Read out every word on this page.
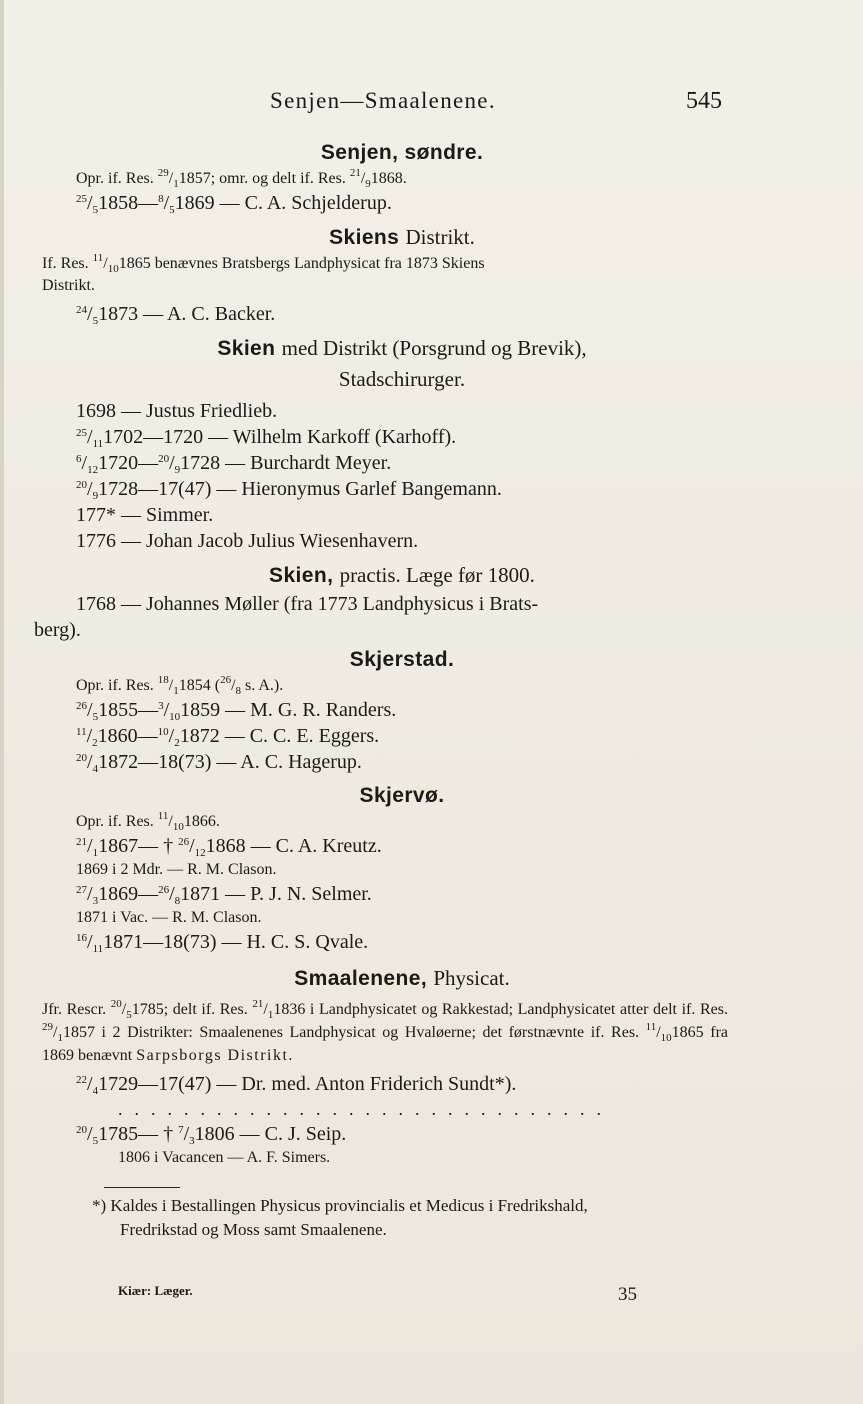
Senjen—Smaalenene.	545
Senjen, søndre.
Opr. if. Res. $^{29}/_11857$; omr. og delt if. Res. $^{21}/_91868$.
$^{25}/_51858—^8/_51869$ — C. A. Schjelderup.
Skiens Distrikt.
If. Res. $^{11}/_{10}1865$ benævnes Bratsbergs Landphysicat fra 1873 Skiens
Distrikt.
$^{24}/_51873$ — A. C. Backer.
Skien med Distrikt (Porsgrund og Brevik),
Stadschirurger.
1698 — Justus Friedlieb.
$^{25}/_{11}1702—1720$ — Wilhelm Karkoff (Karhoff).
$^6/_{12}1720—^{20}/_91728$ — Burchardt Meyer.
$^{20}/_91728—17(47)$ — Hieronymus Garlef Bangemann.
177* — Simmer.
1776 — Johan Jacob Julius Wiesenhavern.
Skien, practis. Læge før 1800.
1768 — Johannes Møller (fra 1773 Landphysicus i Brats-
berg).
Skjerstad.
Opr. if. Res. $^{18}/_11854$ ($^{26}/_8$ s. A.).
$^{26}/_51855—^3/_{10}1859$ — M. G. R. Randers.
$^{11}/_21860—^{10}/_21872$ — C. C. E. Eggers.
$^{20}/_41872—18(73)$ — A. C. Hagerup.
Skjervø.
Opr. if. Res. $^{11}/_{10}1866$.
$^{21}/_11867—$ † $^{26}/_{12}1868$ — C. A. Kreutz.
1869 i 2 Mdr. — R. M. Clason.
$^{27}/_31869—^{26}/_81871$ — P. J. N. Selmer.
1871 i Vac. — R. M. Clason.
$^{16}/_{11}1871—18(73)$ — H. C. S. Qvale.
Smaalenene, Physicat.
Jfr. Rescr. $^{20}/_51785$; delt if. Res. $^{21}/_11836$ i Landphysicatet og Rakkestad; Landphysicatet atter delt if. Res. $^{29}/_11857$ i 2 Distrikter: Smaalenenes Landphysicat og Hvaløerne; det førstnævnte if. Res. $^{11}/_{10}1865$ fra 1869 benævnt Sarpsborgs Distrikt.
$^{22}/_41729—17(47)$ — Dr. med. Anton Friderich Sundt*).
..............................
$^{20}/_51785—$ † $^7/_31806$ — C. J. Seip.
1806 i Vacancen — A. F. Simers.
*) Kaldes i Bestallingen Physicus provincialis et Medicus i Fredrikshald,
Fredrikstad og Moss samt Smaalenene.
Kiær: Læger.	35
